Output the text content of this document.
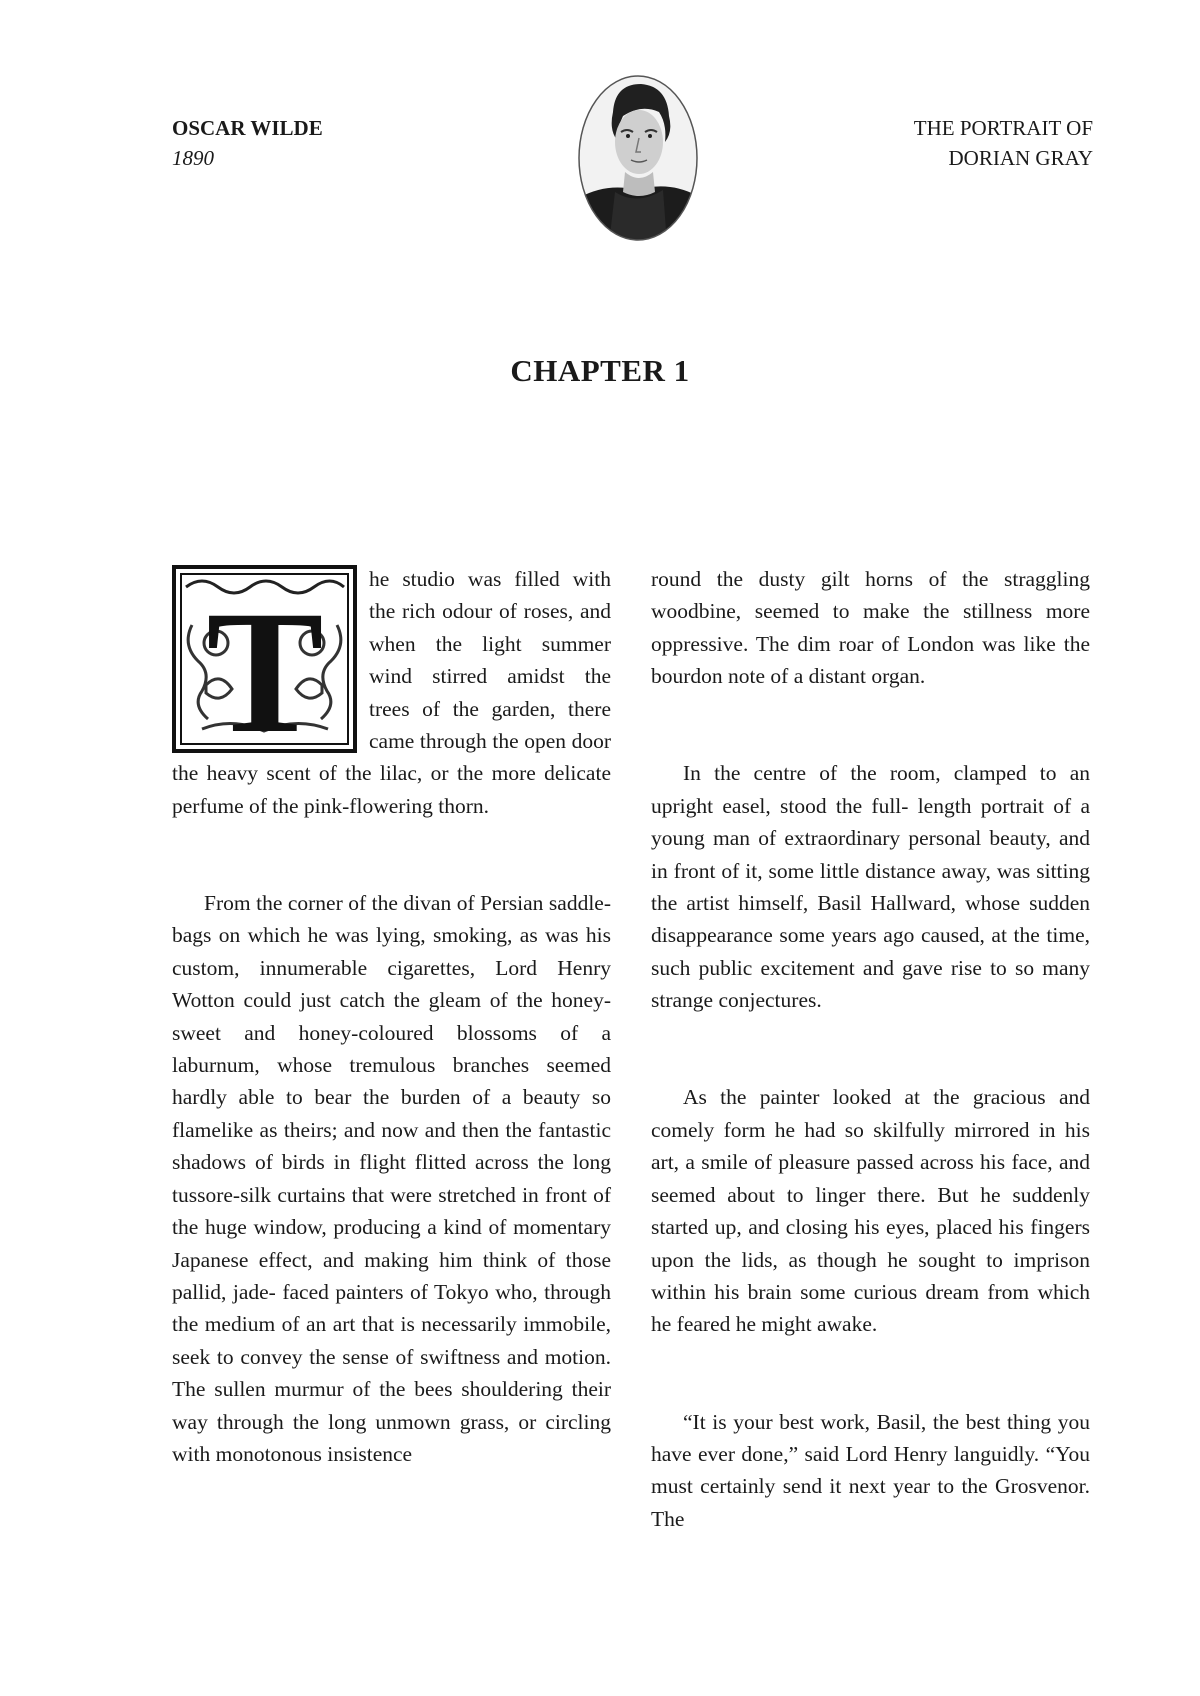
OSCAR WILDE
1890
THE PORTRAIT OF
DORIAN GRAY
CHAPTER 1

T he studio was filled with the rich odour of roses, and when the light summer wind stirred amidst the trees of the garden, there came through the open door the heavy scent of the lilac, or the more delicate perfume of the pink-flowering thorn.

From the corner of the divan of Persian saddle-bags on which he was lying, smoking, as was his custom, innumerable cigarettes, Lord Henry Wotton could just catch the gleam of the honey-sweet and honey-coloured blossoms of a laburnum, whose tremulous branches seemed hardly able to bear the burden of a beauty so flamelike as theirs; and now and then the fantastic shadows of birds in flight flitted across the long tussore-silk curtains that were stretched in front of the huge window, producing a kind of momentary Japanese effect, and making him think of those pallid, jade- faced painters of Tokyo who, through the medium of an art that is necessarily immobile, seek to convey the sense of swiftness and motion. The sullen murmur of the bees shouldering their way through the long unmown grass, or circling with monotonous insistence

round the dusty gilt horns of the straggling woodbine, seemed to make the stillness more oppressive. The dim roar of London was like the bourdon note of a distant organ.

In the centre of the room, clamped to an upright easel, stood the full- length portrait of a young man of extraordinary personal beauty, and in front of it, some little distance away, was sitting the artist himself, Basil Hallward, whose sudden disappearance some years ago caused, at the time, such public excitement and gave rise to so many strange conjectures.

As the painter looked at the gracious and comely form he had so skilfully mirrored in his art, a smile of pleasure passed across his face, and seemed about to linger there. But he suddenly started up, and closing his eyes, placed his fingers upon the lids, as though he sought to imprison within his brain some curious dream from which he feared he might awake.

“It is your best work, Basil, the best thing you have ever done,” said Lord Henry languidly. “You must certainly send it next year to the Grosvenor. The
